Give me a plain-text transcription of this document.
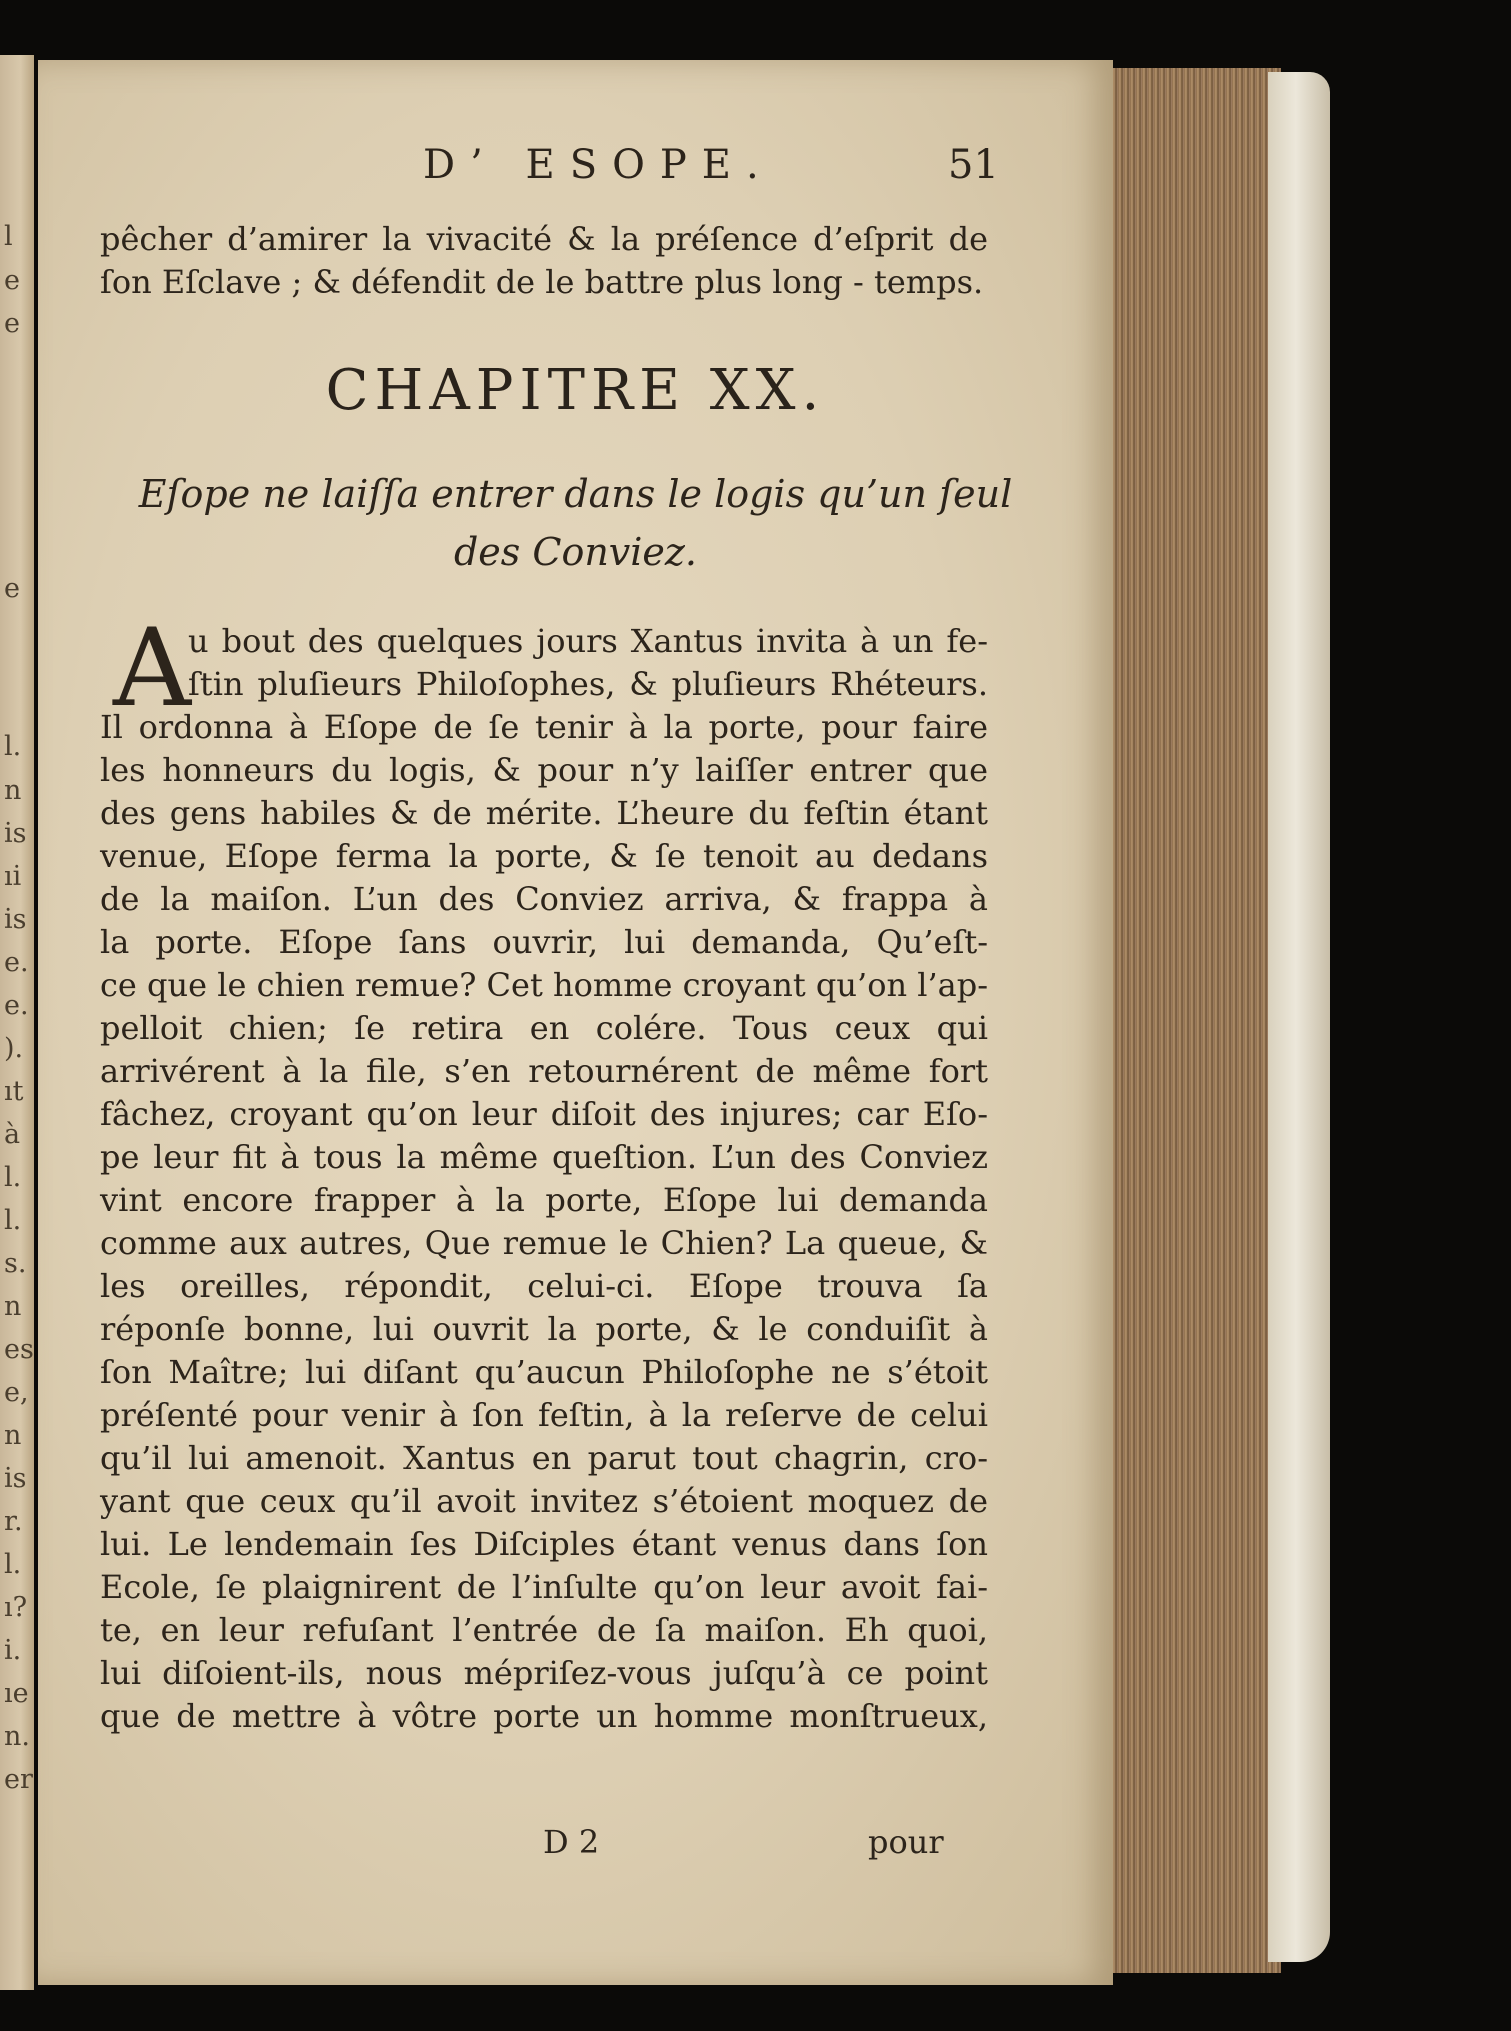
l
e
e
e
l.
n
is
ıi
is
e.
e.
).
ıt
à
l.
l.
s.
n
es
e,
n
is
r.
l.
ı?
i.
ıe
n.
er
D’ ESOPE.	51
pêcher d’amirer la vivacité & la préſence d’eſprit de
ſon Eſclave ; & défendit de le battre plus long - temps.
CHAPITRE XX.
Eſope ne laiſſa entrer dans le logis qu’un ſeul
des Conviez.
A
u bout des quelques jours Xantus invita à un fe-
ſtin pluſieurs Philoſophes, & pluſieurs Rhéteurs.
Il ordonna à Eſope de ſe tenir à la porte, pour faire
les honneurs du logis, & pour n’y laiſſer entrer que
des gens habiles & de mérite. L’heure du feſtin étant
venue, Eſope ferma la porte, & ſe tenoit au dedans
de la maiſon. L’un des Conviez arriva, & frappa à
la porte. Eſope ſans ouvrir, lui demanda, Qu’eſt-
ce que le chien remue? Cet homme croyant qu’on l’ap-
pelloit chien; ſe retira en colére. Tous ceux qui
arrivérent à la file, s’en retournérent de même fort
fâchez, croyant qu’on leur diſoit des injures; car Eſo-
pe leur fit à tous la même queſtion. L’un des Conviez
vint encore frapper à la porte, Eſope lui demanda
comme aux autres, Que remue le Chien? La queue, &
les oreilles, répondit, celui-ci. Eſope trouva ſa
réponſe bonne, lui ouvrit la porte, & le conduiſit à
ſon Maître; lui diſant qu’aucun Philoſophe ne s’étoit
préſenté pour venir à ſon feſtin, à la reſerve de celui
qu’il lui amenoit. Xantus en parut tout chagrin, cro-
yant que ceux qu’il avoit invitez s’étoient moquez de
lui. Le lendemain ſes Diſciples étant venus dans ſon
Ecole, ſe plaignirent de l’inſulte qu’on leur avoit fai-
te, en leur refuſant l’entrée de ſa maiſon. Eh quoi,
lui diſoient-ils, nous mépriſez-vous juſqu’à ce point
que de mettre à vôtre porte un homme monſtrueux,
D 2	pour
